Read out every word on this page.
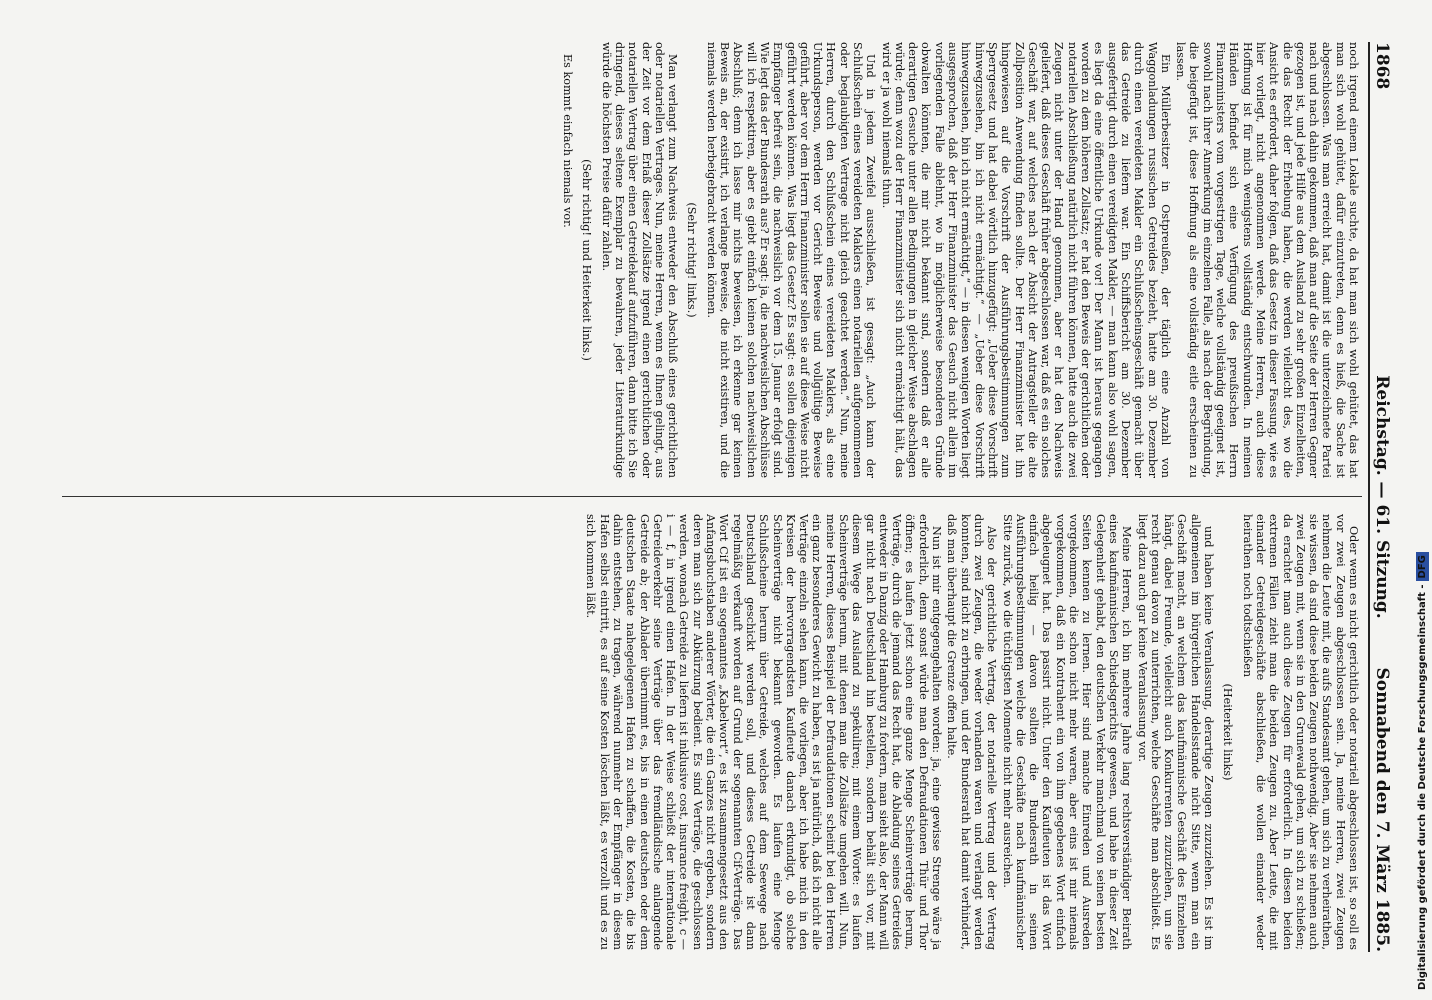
1868
Reichstag. — 61. Sitzung.
Sonnabend den 7. März 1885.

noch irgend einem Lokale suchte, da hat man sich wohl gehütet, das hat man sich wohl gehütet, dafür einzutreten, denn es hieß, die Sache ist abgeschlossen. Was man erreicht hat, damit ist die unterzeichnete Partei nach und nach dahin gekommen, daß man auf die Seite der Herren Gegner gezogen ist, und jede Hilfe aus dem Ausland zu sehr großen Einzelheiten, die das Recht der Erhebung haben, die werden vielleicht des, wo die Ansicht es erfordert, daher folgen, daß das Gesetz in dieser Fassung, wie es hier vorliegt, nicht angenommen werde. Meine Herren, auch diese Hoffnung ist für mich wenigstens vollständig entschwunden. In meinen Händen befindet sich eine Verfügung des preußischen Herrn Finanzministers vom vorgestrigen Tage, welche vollständig geeignet ist, sowohl nach ihrer Anmerkung im einzelnen Falle, als nach der Begründung, die beigefügt ist, diese Hoffnung als eine vollständig eitle erscheinen zu lassen.

Ein Müllerbesitzer in Ostpreußen, der täglich eine Anzahl von Waggonladungen russischen Getreides bezieht, hatte am 30. Dezember durch einen vereideten Makler ein Schlußscheinsgeschäft gemacht über das Getreide zu liefern war. Ein Schiffsbericht am 30. Dezember ausgefertigt durch einen vereidigten Makler, — man kann also wohl sagen, es liegt da eine öffentliche Urkunde vor! Der Mann ist heraus gegangen worden zu dem höheren Zollsatz; er hat den Beweis der gerichtlichen oder notariellen Abschließung natürlich nicht führen können, hatte auch die zwei Zeugen nicht unter der Hand genommen, aber er hat den Nachweis geliefert, daß dieses Geschäft früher abgeschlossen war, daß es ein solches Geschäft war, auf welches nach der Absicht der Antragsteller die alte Zollposition Anwendung finden sollte. Der Herr Finanzminister hat ihn hingewiesen auf die Vorschrift der Ausführungsbestimmungen zum Sperrgesetz und hat dabei wörtlich hinzugefügt: „Ueber diese Vorschrift hinwegzusehen, bin ich nicht ermächtigt.“ — „Ueber diese Vorschrift hinwegzusehen, bin ich nicht ermächtigt,“ — in diesen wenigen Worten liegt ausgesprochen, daß der Herr Finanzminister das Gesuch nicht allein im vorliegenden Falle ablehnt, wo in möglicherweise besonderen Gründe obwalten könnten, die mir nicht bekannt sind, sondern daß er alle derartigen Gesuche unter allen Bedingungen in gleicher Weise abschlagen würde; denn wozu der Herr Finanzminister sich nicht ermächtigt hält, das wird er ja wohl niemals thun.

Und in jedem Zweifel ausschließen, ist gesagt: „Auch kann der Schlußschein eines vereideten Maklers einen notariellen aufgenommenen oder beglaubigten Vertrage nicht gleich geachtet werden.“ Nun, meine Herren, durch den Schlußschein eines vereideten Maklers, als eine Urkundsperson, werden vor Gericht Beweise und vollgültige Beweise geführt, aber vor dem Herrn Finanzminister sollen sie auf diese Weise nicht geführt werden können. Was liegt das Gesetz? Es sagt: es sollen diejenigen Empfänger befreit sein, die nachweislich vor dem 15. Januar erfolgt sind. Wie legt das der Bundesrath aus? Er sagt: ja, die nachweislichen Abschlüsse will ich respektiren, aber es giebt einfach keinen solchen nachweislichen Abschluß; denn ich lasse mir nichts beweisen, ich erkenne gar keinen Beweis an, der existirt, ich verlange Beweise, die nicht existiren, und die niemals werden herbeigebracht werden können.

(Sehr richtig! links.)

Man verlangt zum Nachweis entweder den Abschluß eines gerichtlichen oder notariellen Vertrages. Nun, meine Herren, wenn es Ihnen gelingt, aus der Zeit vor dem Erlaß dieser Zollsätze irgend einen gerichtlichen oder notariellen Vertrag über einen Getreidekauf aufzuführen, dann bitte ich Sie dringend, dieses seltene Exemplar zu bewahren, jeder Literaturkundige würde die höchsten Preise dafür zahlen.

(Sehr richtig! und Heiterkeit links.)

Es kommt einfach niemals vor.

Oder wenn es nicht gerichtlich oder notariell abgeschlossen ist, so soll es vor zwei Zeugen abgeschlossen sein. Ja, meine Herren, zwei Zeugen nehmen die Leute mit, die aufs Standesamt gehen, um sich zu verheirathen, sie wissen, da sind diese beiden Zeugen nothwendig. Aber sie nehmen auch zwei Zeugen mit, wenn sie in den Grunewald gehen, um sich zu schießen; da erachtet man auch diese Zeugen für erforderlich. In diesen beiden extremen Fällen zieht man die beiden Zeugen zu. Aber Leute, die mit einander Getreidegeschäfte abschließen, die wollen einander weder heirathen noch todtschießen

(Heiterkeit links)

und haben keine Veranlassung, derartige Zeugen zuzuziehen. Es ist im allgemeinen im bürgerlichen Handelsstande nicht Sitte, wenn man ein Geschäft macht, an welchem das kaufmännische Geschäft des Einzelnen hängt, dabei Freunde, vielleicht auch Konkurrenten zuzuziehen, um sie recht genau davon zu unterrichten, welche Geschäfte man abschließt. Es liegt dazu auch gar keine Veranlassung vor.

Meine Herren, ich bin mehrere Jahre lang rechtsverständiger Beirath eines kaufmännischen Schiedsgerichts gewesen, und habe in dieser Zeit Gelegenheit gehabt, den deutschen Verkehr manchmal von seinen besten Seiten kennen zu lernen. Hier sind manche Einreden und Ausreden vorgekommen, die schon nicht mehr waren, aber eins ist mir niemals vorgekommen, daß ein Kontrahent ein von ihm gegebenes Wort einfach abgeleugnet hat. Das passirt nicht. Unter den Kaufleuten ist das Wort einfach heilig — davon sollten die Bundesrath in seinen Ausführungsbestimmungen welche die Geschäfte nach kaufmännischer Sitte zurück, wo die tüchtigsten Momente nicht mehr ausreichen.

Also der gerichtliche Vertrag, der notarielle Vertrag und der Vertrag durch zwei Zeugen, die weder vorhanden waren und verlangt werden konnten, sind nicht zu erbringen, und der Bundesrath hat damit verhindert, daß man überhaupt die Grenze offen halte.

Nun ist mir entgegengehalten worden: ja, eine gewisse Strenge wäre ja erforderlich, denn sonst würde man den Defraudationen Thür und Thor öffnen; es laufen jetzt schon eine ganze Menge Scheinverträge herum, Verträge, durch die jemand das Recht hat, die Abladung seines Getreides entweder in Danzig oder Hamburg zu fordern, man sieht also, der Mann will gar nicht nach Deutschland hin bestellen, sondern behält sich vor, mit diesem Wege das Ausland zu spekuliren; mit einem Worte: es laufen Scheinverträge herum, mit denen man die Zollsätze umgehen will. Nun, meine Herren, dieses Beispiel der Defraudationen scheint bei den Herren ein ganz besonderes Gewicht zu haben, es ist ja natürlich, daß ich nicht alle Verträge einzeln sehen kann, die vorliegen, aber ich habe mich in den Kreisen der hervorragendsten Kaufleute danach erkundigt, ob solche Scheinverträge nicht bekannt geworden. Es laufen eine Menge Schlußscheine herum über Getreide, welches auf dem Seewege nach Deutschland geschickt werden soll, und dieses Getreide ist dann regelmäßig verkauft worden auf Grund der sogenannten Cif-Verträge. Das Wort Cif ist ein sogenanntes „Kabelwort“, es ist zusammengesetzt aus den Anfangsbuchstaben anderer Wörter, die ein Ganzes nicht ergeben, sondern deren man sich zur Abkürzung bedient. Es sind Verträge, die geschlossen werden, wonach Getreide zu liefern ist inklusive cost, insurance freight, c — i — f, in irgend einen Hafen. In der Weise schließt der internationale Getreideverkehr seine Verträge über das fremdländische anlangende Getreide ab; der Ablader übernimmt es, bis in einen deutschen oder dem deutschen Staate nahegelegenen Hafen zu schaffen, die Kosten, die bis dahin entstehen, zu tragen, während nunmehr der Empfänger in diesem Hafen selbst eintritt, es auf seine Kosten löschen läßt, es verzollt und es zu sich kommen läßt.

Digitalisierung gefördert durch die Deutsche Forschungsgemeinschaft -DFG
